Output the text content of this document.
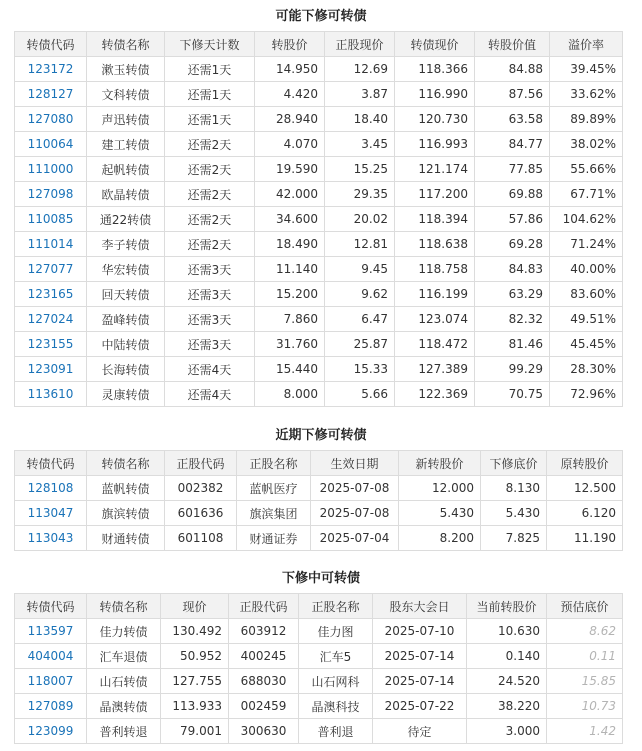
可能下修可转债
转债代码	转债名称	下修天计数	转股价	正股现价	转债现价	转股价值	溢价率
123172	漱玉转债	还需1天	14.950	12.69	118.366	84.88	39.45%
128127	文科转债	还需1天	4.420	3.87	116.990	87.56	33.62%
127080	声迅转债	还需1天	28.940	18.40	120.730	63.58	89.89%
110064	建工转债	还需2天	4.070	3.45	116.993	84.77	38.02%
111000	起帆转债	还需2天	19.590	15.25	121.174	77.85	55.66%
127098	欧晶转债	还需2天	42.000	29.35	117.200	69.88	67.71%
110085	通22转债	还需2天	34.600	20.02	118.394	57.86	104.62%
111014	李子转债	还需2天	18.490	12.81	118.638	69.28	71.24%
127077	华宏转债	还需3天	11.140	9.45	118.758	84.83	40.00%
123165	回天转债	还需3天	15.200	9.62	116.199	63.29	83.60%
127024	盈峰转债	还需3天	7.860	6.47	123.074	82.32	49.51%
123155	中陆转债	还需3天	31.760	25.87	118.472	81.46	45.45%
123091	长海转债	还需4天	15.440	15.33	127.389	99.29	28.30%
113610	灵康转债	还需4天	8.000	5.66	122.369	70.75	72.96%
近期下修可转债
转债代码	转债名称	正股代码	正股名称	生效日期	新转股价	下修底价	原转股价
128108	蓝帆转债	002382	蓝帆医疗	2025-07-08	12.000	8.130	12.500
113047	旗滨转债	601636	旗滨集团	2025-07-08	5.430	5.430	6.120
113043	财通转债	601108	财通证券	2025-07-04	8.200	7.825	11.190
下修中可转债
转债代码	转债名称	现价	正股代码	正股名称	股东大会日	当前转股价	预估底价
113597	佳力转债	130.492	603912	佳力图	2025-07-10	10.630	8.62
404004	汇车退债	50.952	400245	汇车5	2025-07-14	0.140	0.11
118007	山石转债	127.755	688030	山石网科	2025-07-14	24.520	15.85
127089	晶澳转债	113.933	002459	晶澳科技	2025-07-22	38.220	10.73
123099	普利转退	79.001	300630	普利退	待定	3.000	1.42
